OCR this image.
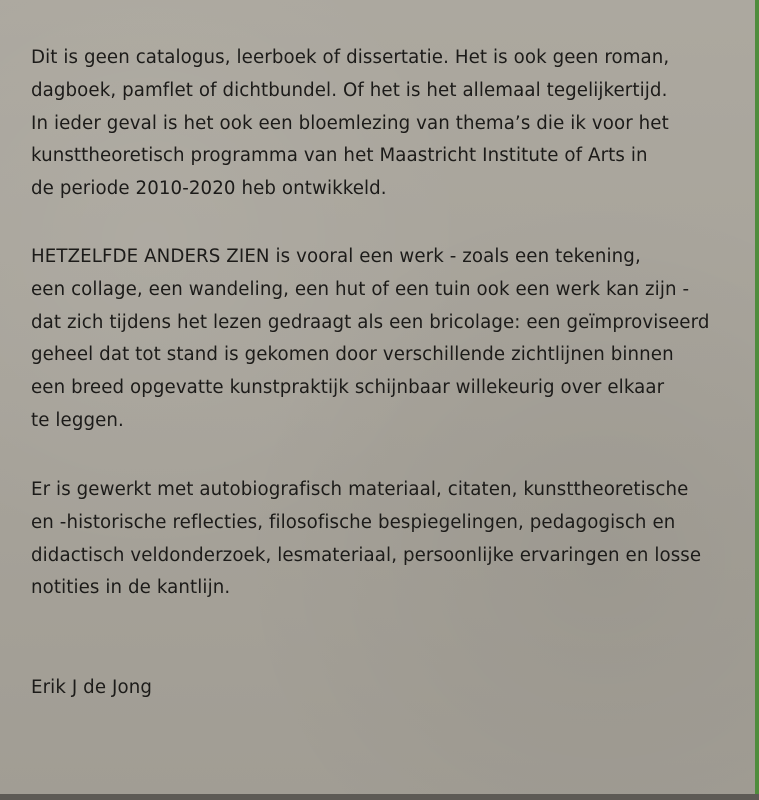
Dit is geen catalogus, leerboek of dissertatie. Het is ook geen roman,
dagboek, pamflet of dichtbundel. Of het is het allemaal tegelijkertijd.
In ieder geval is het ook een bloemlezing van thema’s die ik voor het
kunsttheoretisch programma van het Maastricht Institute of Arts in
de periode 2010-2020 heb ontwikkeld.
HETZELFDE ANDERS ZIEN is vooral een werk - zoals een tekening,
een collage, een wandeling, een hut of een tuin ook een werk kan zijn -
dat zich tijdens het lezen gedraagt als een bricolage: een geïmproviseerd
geheel dat tot stand is gekomen door verschillende zichtlijnen binnen
een breed opgevatte kunstpraktijk schijnbaar willekeurig over elkaar
te leggen.
Er is gewerkt met autobiografisch materiaal, citaten, kunsttheoretische
en -historische reflecties, filosofische bespiegelingen, pedagogisch en
didactisch veldonderzoek, lesmateriaal, persoonlijke ervaringen en losse
notities in de kantlijn.
Erik J de Jong
